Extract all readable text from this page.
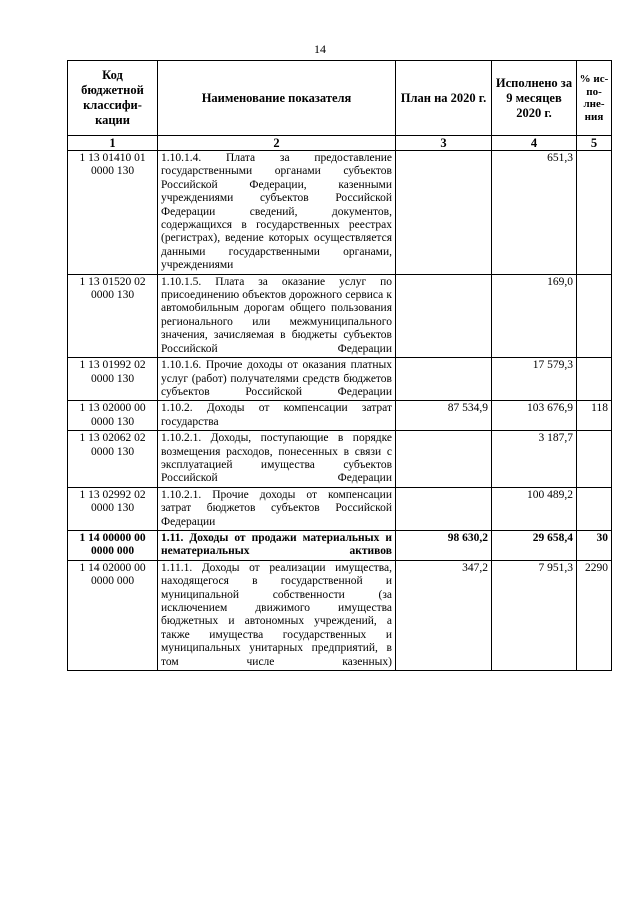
14
Код бюджетной классифи-кации	Наименование показателя	План на 2020 г.	Исполнено за 9 месяцев 2020 г.	% ис-по-лне-ния
1	2	3	4	5
1 13 01410 01 0000 130	1.10.1.4. Плата за предоставление государственными органами субъектов Российской Федерации, казенными учреждениями субъектов Российской Федерации сведений, документов, содержащихся в государственных реестрах (регистрах), ведение которых осуществляется данными государственными органами, учреждениями		651,3	
1 13 01520 02 0000 130	1.10.1.5. Плата за оказание услуг по присоединению объектов дорожного сервиса к автомобильным дорогам общего пользования регионального или межмуниципального значения, зачисляемая в бюджеты субъектов Российской Федерации		169,0	
1 13 01992 02 0000 130	1.10.1.6. Прочие доходы от оказания платных услуг (работ) получателями средств бюджетов субъектов Российской Федерации		17 579,3	
1 13 02000 00 0000 130	1.10.2. Доходы от компенсации затрат государства	87 534,9	103 676,9	118
1 13 02062 02 0000 130	1.10.2.1. Доходы, поступающие в порядке возмещения расходов, понесенных в связи с эксплуатацией имущества субъектов Российской Федерации		3 187,7	
1 13 02992 02 0000 130	1.10.2.1. Прочие доходы от компенсации затрат бюджетов субъектов Российской Федерации		100 489,2	
1 14 00000 00 0000 000	1.11. Доходы от продажи материальных и нематериальных активов	98 630,2	29 658,4	30
1 14 02000 00 0000 000	1.11.1. Доходы от реализации имущества, находящегося в государственной и муниципальной собственности (за исключением движимого имущества бюджетных и автономных учреждений, а также имущества государственных и муниципальных унитарных предприятий, в том числе казенных)	347,2	7 951,3	2290
